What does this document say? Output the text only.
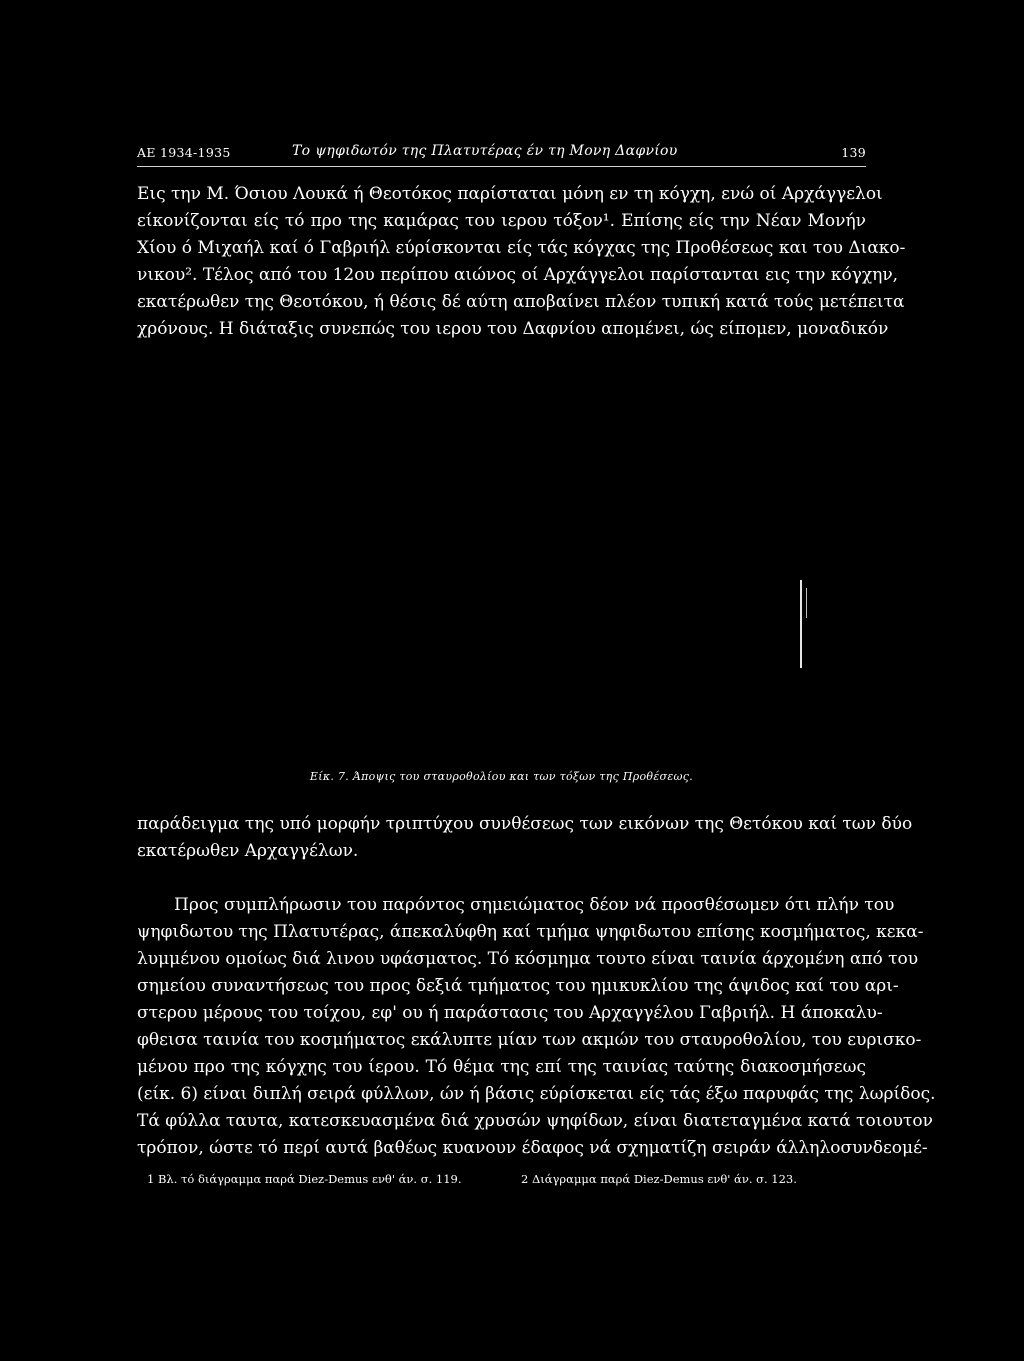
ΑΕ 1934-1935	Το ψηφιδωτόν της Πλατυτέρας έν τη Μονη Δαφνίου	139
Εις την Μ. Όσιου Λουκά ή Θεοτόκος παρίσταται μόνη εν τη κόγχη, ενώ οί Αρχάγγελοι
είκονίζονται είς τό προ της καμάρας του ιερου τόξον¹. Επίσης είς την Νέαν Μονήν
Χίου ό Μιχαήλ καί ό Γαβριήλ εύρίσκονται είς τάς κόγχας της Προθέσεως και του Διακο-
νικου². Τέλος από του 12ου περίπου αιώνος οί Αρχάγγελοι παρίστανται εις την κόγχην,
εκατέρωθεν της Θεοτόκου, ή θέσις δέ αύτη αποβαίνει πλέον τυπική κατά τούς μετέπειτα
χρόνους. Η διάταξις συνεπώς του ιερου του Δαφνίου απομένει, ώς είπομεν, μοναδικόν
Είκ. 7. Άποψις του σταυροθολίου και των τόξων της Προθέσεως.
παράδειγμα της υπό μορφήν τριπτύχου συνθέσεως των εικόνων της Θετόκου καί των δύο
εκατέρωθεν Αρχαγγέλων.
Προς συμπλήρωσιν του παρόντος σημειώματος δέον νά προσθέσωμεν ότι πλήν του
ψηφιδωτου της Πλατυτέρας, άπεκαλύφθη καί τμήμα ψηφιδωτου επίσης κοσμήματος, κεκα-
λυμμένου ομοίως διά λινου υφάσματος. Τό κόσμημα τουτο είναι ταινία άρχομένη από του
σημείου συναντήσεως του προς δεξιά τμήματος του ημικυκλίου της άψιδος καί του αρι-
στερου μέρους του τοίχου, εφ' ου ή παράστασις του Αρχαγγέλου Γαβριήλ. Η άποκαλυ-
φθεισα ταινία του κοσμήματος εκάλυπτε μίαν των ακμών του σταυροθολίου, του ευρισκο-
μένου προ της κόγχης του ίερου. Τό θέμα της επί της ταινίας ταύτης διακοσμήσεως
(είκ. 6) είναι διπλή σειρά φύλλων, ών ή βάσις εύρίσκεται είς τάς έξω παρυφάς της λωρίδος.
Τά φύλλα ταυτα, κατεσκευασμένα διά χρυσών ψηφίδων, είναι διατεταγμένα κατά τοιουτον
τρόπον, ώστε τό περί αυτά βαθέως κυανουν έδαφος νά σχηματίζη σειράν άλληλοσυνδεομέ-
1 Βλ. τό διάγραμμα παρά Diez-Demus ενθ' άν. σ. 119.	2 Διάγραμμα παρά Diez-Demus ενθ' άν. σ. 123.
